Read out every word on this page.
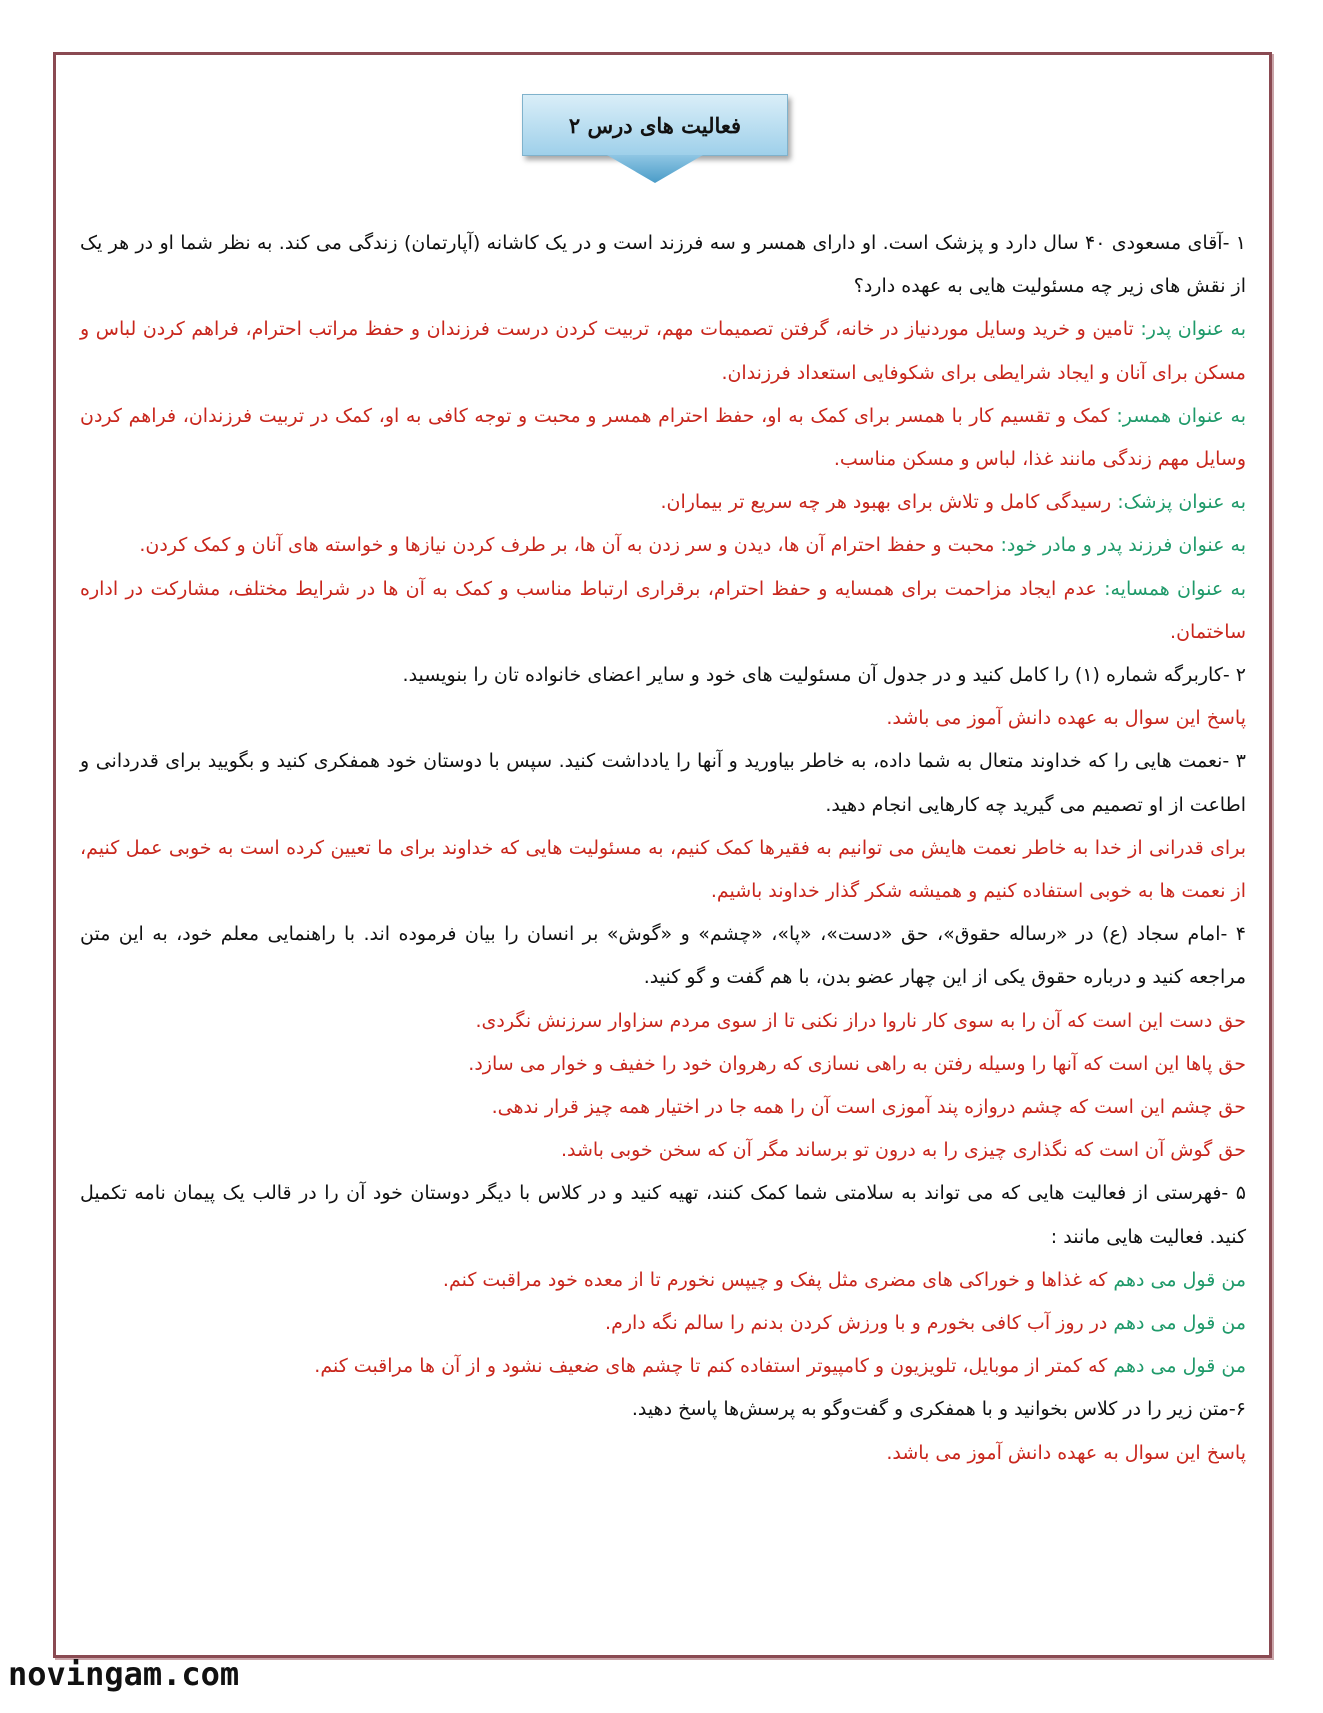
فعالیت های درس ۲

۱ -آقای مسعودی ۴۰ سال دارد و پزشک است. او دارای همسر و سه فرزند است و در یک کاشانه (آپارتمان) زندگی می کند. به نظر شما او در هر یک از نقش های زیر چه مسئولیت هایی به عهده دارد؟

به عنوان پدر: تامین و خرید وسایل موردنیاز در خانه، گرفتن تصمیمات مهم، تربیت کردن درست فرزندان و حفظ مراتب احترام، فراهم کردن لباس و مسکن برای آنان و ایجاد شرایطی برای شکوفایی استعداد فرزندان.

به عنوان همسر: کمک و تقسیم کار با همسر برای کمک به او، حفظ احترام همسر و محبت و توجه کافی به او، کمک در تربیت فرزندان، فراهم کردن وسایل مهم زندگی مانند غذا، لباس و مسکن مناسب.

به عنوان پزشک: رسیدگی کامل و تلاش برای بهبود هر چه سریع تر بیماران.

به عنوان فرزند پدر و مادر خود: محبت و حفظ احترام آن ها، دیدن و سر زدن به آن ها، بر طرف کردن نیازها و خواسته های آنان و کمک کردن.

به عنوان همسایه: عدم ایجاد مزاحمت برای همسایه و حفظ احترام، برقراری ارتباط مناسب و کمک به آن ها در شرایط مختلف، مشارکت در اداره ساختمان.

۲ -کاربرگه شماره (۱) را کامل کنید و در جدول آن مسئولیت های خود و سایر اعضای خانواده تان را بنویسید.

پاسخ این سوال به عهده دانش آموز می باشد.

۳ -نعمت هایی را که خداوند متعال به شما داده، به خاطر بیاورید و آنها را یادداشت کنید. سپس با دوستان خود همفکری کنید و بگویید برای قدردانی و اطاعت از او تصمیم می گیرید چه کارهایی انجام دهید.

برای قدرانی از خدا به خاطر نعمت هایش می توانیم به فقیرها کمک کنیم، به مسئولیت هایی که خداوند برای ما تعیین کرده است به خوبی عمل کنیم، از نعمت ها به خوبی استفاده کنیم و همیشه شکر گذار خداوند باشیم.

۴ -امام سجاد (ع) در «رساله حقوق»، حق «دست»، «پا»، «چشم» و «گوش» بر انسان را بیان فرموده اند. با راهنمایی معلم خود، به این متن مراجعه کنید و درباره حقوق یکی از این چهار عضو بدن، با هم گفت و گو کنید.

حق دست این است که آن را به سوی کار ناروا دراز نکنی تا از سوی مردم سزاوار سرزنش نگردی.

حق پاها این است که آنها را وسیله رفتن به راهی نسازی که رهروان خود را خفیف و خوار می سازد.

حق چشم این است که چشم دروازه پند آموزی است آن را همه جا در اختیار همه چیز قرار ندهی.

حق گوش آن است که نگذاری چیزی را به درون تو برساند مگر آن که سخن خوبی باشد.

۵ -فهرستی از فعالیت هایی که می تواند به سلامتی شما کمک کنند، تهیه کنید و در کلاس با دیگر دوستان خود آن را در قالب یک پیمان نامه تکمیل کنید. فعالیت هایی مانند :

من قول می دهم که غذاها و خوراکی های مضری مثل پفک و چیپس نخورم تا از معده خود مراقبت کنم.

من قول می دهم در روز آب کافی بخورم و با ورزش کردن بدنم را سالم نگه دارم.

من قول می دهم که کمتر از موبایل، تلویزیون و کامپیوتر استفاده کنم تا چشم های ضعیف نشود و از آن ها مراقبت کنم.

۶-متن زیر را در کلاس بخوانید و با همفکری و گفت‌وگو به پرسش‌ها پاسخ دهید.

پاسخ این سوال به عهده دانش آموز می باشد.

novingam.com
